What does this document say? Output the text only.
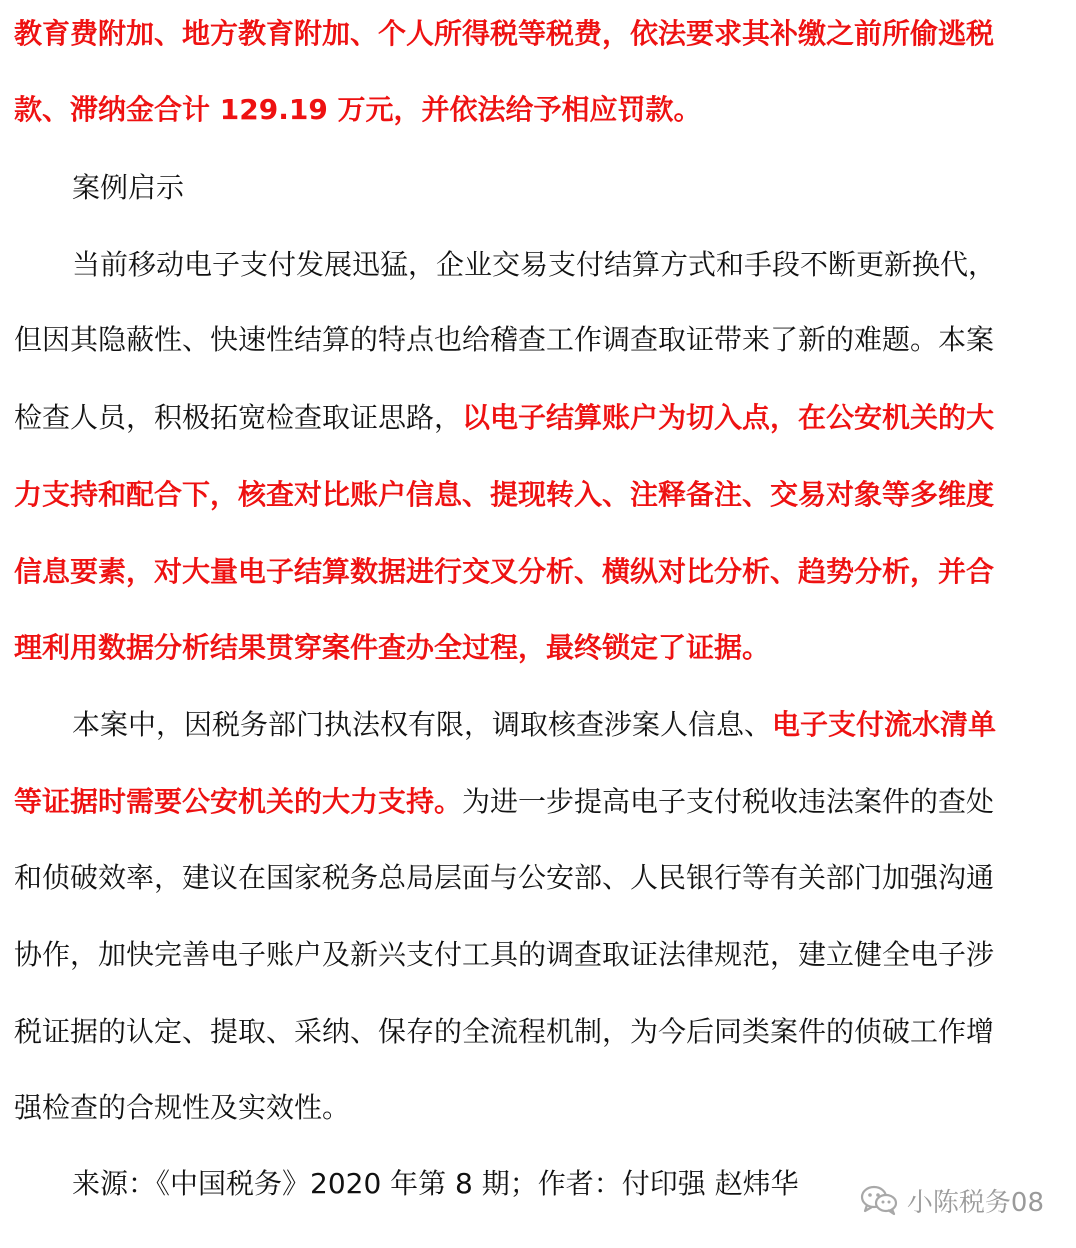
教育费附加、地方教育附加、个人所得税等税费，依法要求其补缴之前所偷逃税
款、滞纳金合计 129.19 万元，并依法给予相应罚款。
案例启示
当前移动电子支付发展迅猛，企业交易支付结算方式和手段不断更新换代，
但因其隐蔽性、快速性结算的特点也给稽查工作调查取证带来了新的难题。本案
检查人员，积极拓宽检查取证思路，以电子结算账户为切入点，在公安机关的大
力支持和配合下，核查对比账户信息、提现转入、注释备注、交易对象等多维度
信息要素，对大量电子结算数据进行交叉分析、横纵对比分析、趋势分析，并合
理利用数据分析结果贯穿案件查办全过程，最终锁定了证据。
本案中，因税务部门执法权有限，调取核查涉案人信息、电子支付流水清单
等证据时需要公安机关的大力支持。为进一步提高电子支付税收违法案件的查处
和侦破效率，建议在国家税务总局层面与公安部、人民银行等有关部门加强沟通
协作，加快完善电子账户及新兴支付工具的调查取证法律规范，建立健全电子涉
税证据的认定、提取、采纳、保存的全流程机制，为今后同类案件的侦破工作增
强检查的合规性及实效性。
来源：《中国税务》2020 年第 8 期；作者：付印强 赵炜华
小陈税务08
